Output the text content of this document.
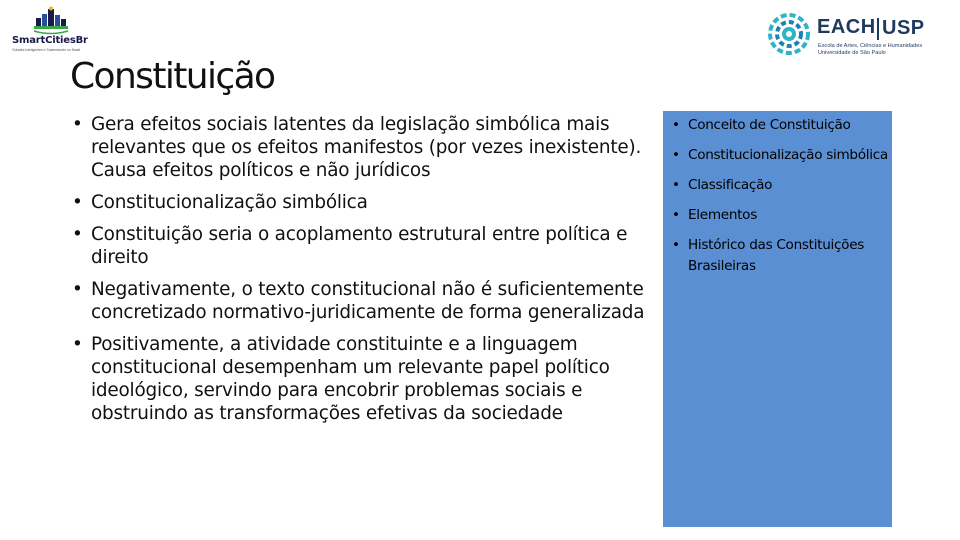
SmartCitiesBr
Cidades Inteligentes e Sustentáveis no Brasil
EACH USP
Escola de Artes, Ciências e Humanidades
Universidade de São Paulo
Constituição
• Gera efeitos sociais latentes da legislação simbólica mais relevantes que os efeitos manifestos (por vezes inexistente). Causa efeitos políticos e não jurídicos
• Constitucionalização simbólica
• Constituição seria o acoplamento estrutural entre política e direito
• Negativamente, o texto constitucional não é suficientemente concretizado normativo-juridicamente de forma generalizada
• Positivamente, a atividade constituinte e a linguagem constitucional desempenham um relevante papel político ideológico, servindo para encobrir problemas sociais e obstruindo as transformações efetivas da sociedade
• Conceito de Constituição
• Constitucionalização simbólica
• Classificação
• Elementos
• Histórico das Constituições Brasileiras
